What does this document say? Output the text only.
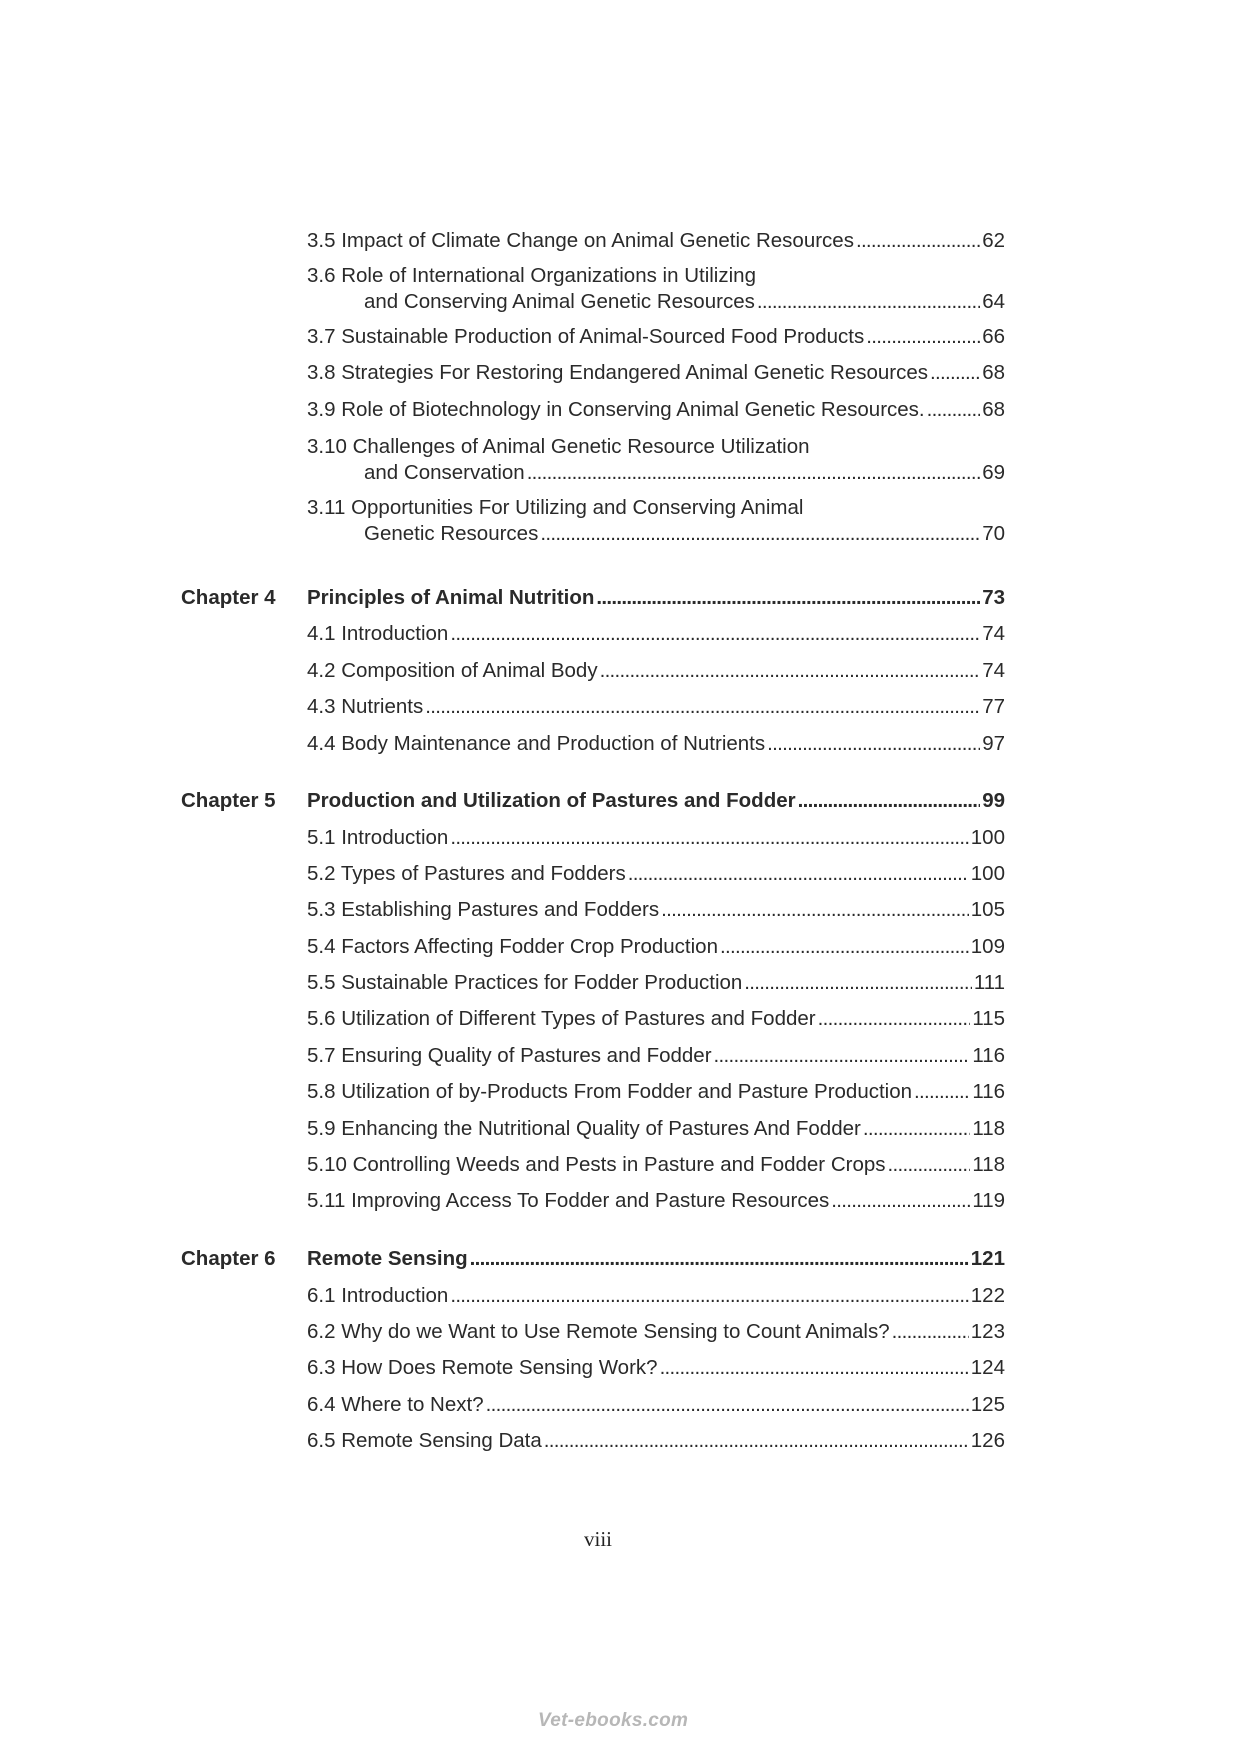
3.5 Impact of Climate Change on Animal Genetic Resources . . .	62
3.6 Role of International Organizations in Utilizing
and Conserving Animal Genetic Resources . . .	64
3.7 Sustainable Production of Animal-Sourced Food Products . . .	66
3.8 Strategies For Restoring Endangered Animal Genetic Resources . . .	68
3.9 Role of Biotechnology in Conserving Animal Genetic Resources. . . .	68
3.10 Challenges of Animal Genetic Resource Utilization
and Conservation . . .	69
3.11 Opportunities For Utilizing and Conserving Animal
Genetic Resources . . .	70
Chapter 4	Principles of Animal Nutrition . . .	73
4.1 Introduction . . .	74
4.2 Composition of Animal Body . . .	74
4.3 Nutrients . . .	77
4.4 Body Maintenance and Production of Nutrients . . .	97
Chapter 5	Production and Utilization of Pastures and Fodder . . .	99
5.1 Introduction . . .	100
5.2 Types of Pastures and Fodders . . .	100
5.3 Establishing Pastures and Fodders . . .	105
5.4 Factors Affecting Fodder Crop Production . . .	109
5.5 Sustainable Practices for Fodder Production . . .	111
5.6 Utilization of Different Types of Pastures and Fodder . . .	115
5.7 Ensuring Quality of Pastures and Fodder . . .	116
5.8 Utilization of by-Products From Fodder and Pasture Production . . .	116
5.9 Enhancing the Nutritional Quality of Pastures And Fodder . . .	118
5.10 Controlling Weeds and Pests in Pasture and Fodder Crops . . .	118
5.11 Improving Access To Fodder and Pasture Resources . . .	119
Chapter 6	Remote Sensing . . .	121
6.1 Introduction . . .	122
6.2 Why do we Want to Use Remote Sensing to Count Animals? . . .	123
6.3 How Does Remote Sensing Work? . . .	124
6.4 Where to Next? . . .	125
6.5 Remote Sensing Data . . .	126
viii
Vet-ebooks.com
